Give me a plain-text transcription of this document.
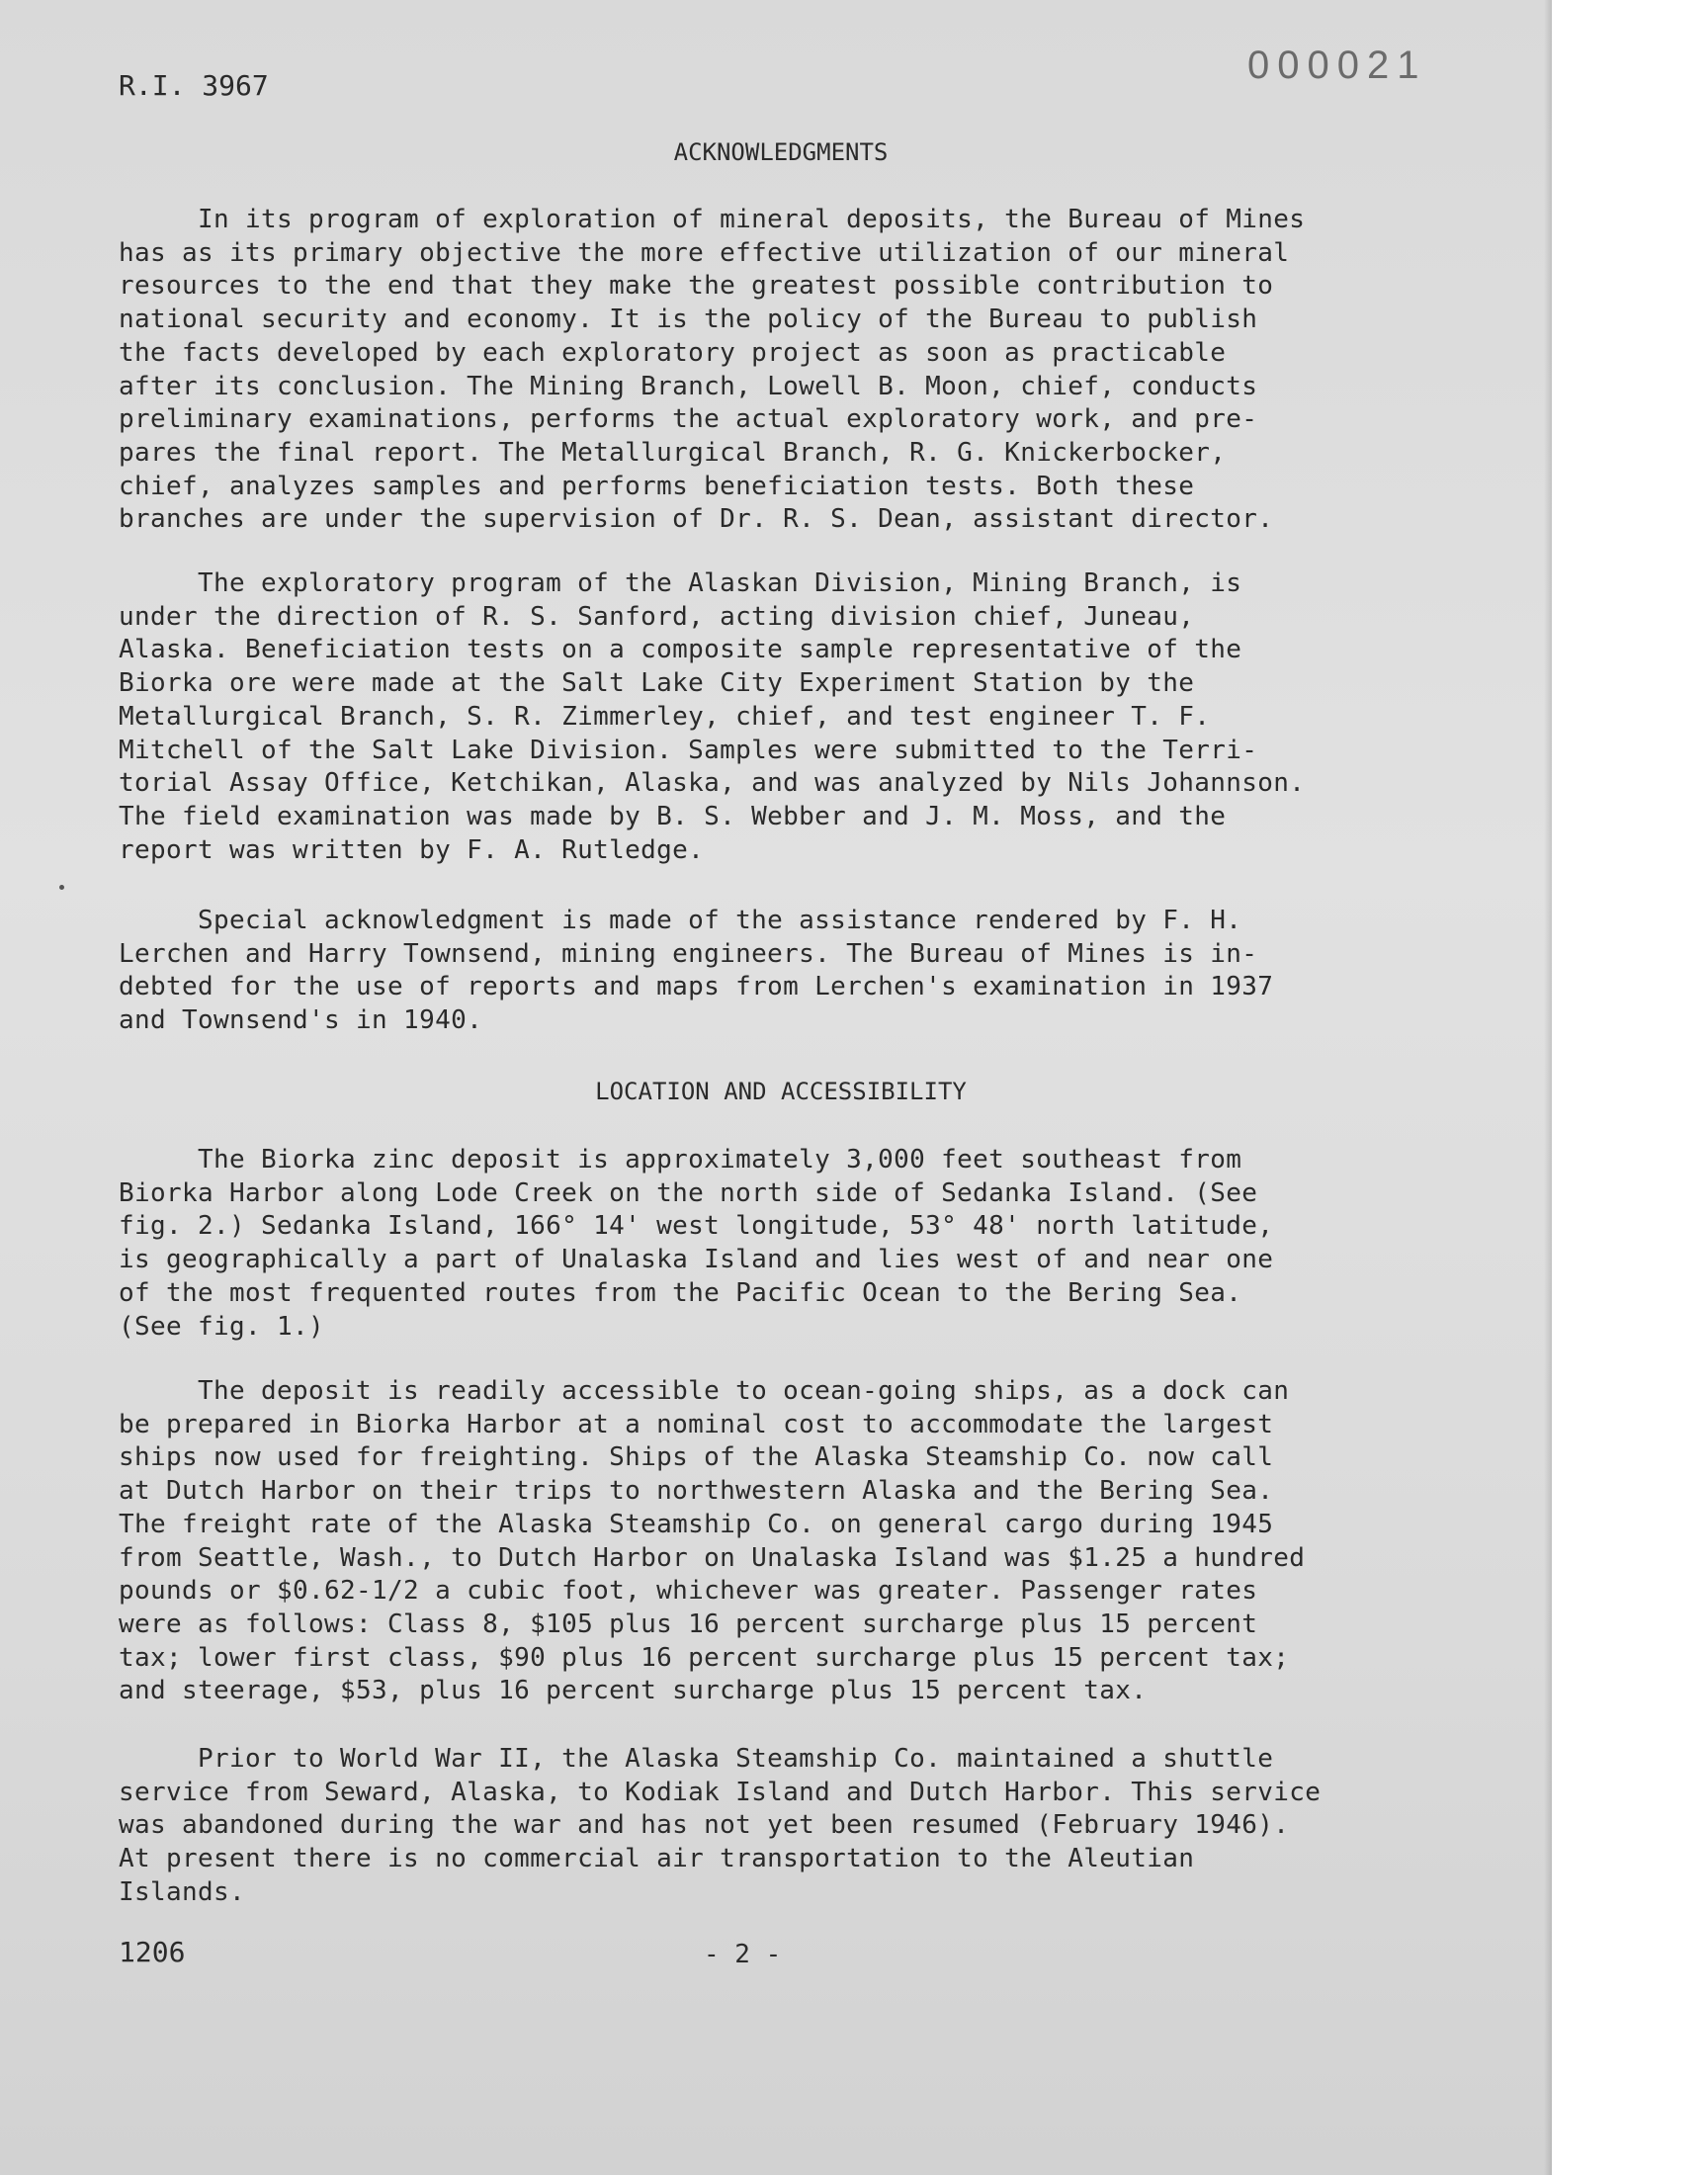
R.I. 3967	000021
ACKNOWLEDGMENTS
In its program of exploration of mineral deposits, the Bureau of Mines
has as its primary objective the more effective utilization of our mineral
resources to the end that they make the greatest possible contribution to
national security and economy. It is the policy of the Bureau to publish
the facts developed by each exploratory project as soon as practicable
after its conclusion. The Mining Branch, Lowell B. Moon, chief, conducts
preliminary examinations, performs the actual exploratory work, and pre-
pares the final report. The Metallurgical Branch, R. G. Knickerbocker,
chief, analyzes samples and performs beneficiation tests. Both these
branches are under the supervision of Dr. R. S. Dean, assistant director.
The exploratory program of the Alaskan Division, Mining Branch, is
under the direction of R. S. Sanford, acting division chief, Juneau,
Alaska. Beneficiation tests on a composite sample representative of the
Biorka ore were made at the Salt Lake City Experiment Station by the
Metallurgical Branch, S. R. Zimmerley, chief, and test engineer T. F.
Mitchell of the Salt Lake Division. Samples were submitted to the Terri-
torial Assay Office, Ketchikan, Alaska, and was analyzed by Nils Johannson.
The field examination was made by B. S. Webber and J. M. Moss, and the
report was written by F. A. Rutledge.
Special acknowledgment is made of the assistance rendered by F. H.
Lerchen and Harry Townsend, mining engineers. The Bureau of Mines is in-
debted for the use of reports and maps from Lerchen's examination in 1937
and Townsend's in 1940.
LOCATION AND ACCESSIBILITY
The Biorka zinc deposit is approximately 3,000 feet southeast from
Biorka Harbor along Lode Creek on the north side of Sedanka Island. (See
fig. 2.) Sedanka Island, 166° 14' west longitude, 53° 48' north latitude,
is geographically a part of Unalaska Island and lies west of and near one
of the most frequented routes from the Pacific Ocean to the Bering Sea.
(See fig. 1.)
The deposit is readily accessible to ocean-going ships, as a dock can
be prepared in Biorka Harbor at a nominal cost to accommodate the largest
ships now used for freighting. Ships of the Alaska Steamship Co. now call
at Dutch Harbor on their trips to northwestern Alaska and the Bering Sea.
The freight rate of the Alaska Steamship Co. on general cargo during 1945
from Seattle, Wash., to Dutch Harbor on Unalaska Island was $1.25 a hundred
pounds or $0.62-1/2 a cubic foot, whichever was greater. Passenger rates
were as follows: Class 8, $105 plus 16 percent surcharge plus 15 percent
tax; lower first class, $90 plus 16 percent surcharge plus 15 percent tax;
and steerage, $53, plus 16 percent surcharge plus 15 percent tax.
Prior to World War II, the Alaska Steamship Co. maintained a shuttle
service from Seward, Alaska, to Kodiak Island and Dutch Harbor. This service
was abandoned during the war and has not yet been resumed (February 1946).
At present there is no commercial air transportation to the Aleutian
Islands.
1206	- 2 -
